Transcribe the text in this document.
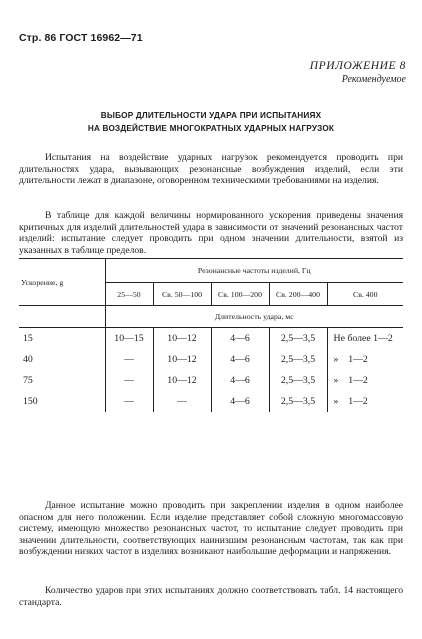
Стр. 86 ГОСТ 16962—71
ПРИЛОЖЕНИЕ 8
Рекомендуемое
ВЫБОР ДЛИТЕЛЬНОСТИ УДАРА ПРИ ИСПЫТАНИЯХ
НА ВОЗДЕЙСТВИЕ МНОГОКРАТНЫХ УДАРНЫХ НАГРУЗОК

Испытания на воздействие ударных нагрузок рекомендуется проводить при длительностях удара, вызывающих резонансные возбуждения изделий, если эти длительности лежат в диапазоне, оговоренном техническими требованиями на изделия.

В таблице для каждой величины нормированного ускорения приведены значения критичных для изделий длительностей удара в зависимости от значений резонансных частот изделий: испытание следует проводить при одном значении длительности, взятой из указанных в таблице пределов.

Ускорение, g	Резонансные частоты изделий, Гц				
	25—50	Св. 50—100	Св. 100—200	Св. 200—400	Св. 400
	Длительность удара, мс				
15	10—15	10—12	4—6	2,5—3,5	Не более 1—2
40	—	10—12	4—6	2,5—3,5	»    1—2
75	—	10—12	4—6	2,5—3,5	»    1—2
150	—	—	4—6	2,5—3,5	»    1—2

Данное испытание можно проводить при закреплении изделия в одном наиболее опасном для него положении. Если изделие представляет собой сложную многомассовую систему, имеющую множество резонансных частот, то испытание следует проводить при значении длительности, соответствующих наинизшим резонансным частотам, так как при возбуждении низких частот в изделиях возникают наибольшие деформации и напряжения.

Количество ударов при этих испытаниях должно соответствовать табл. 14 настоящего стандарта.
